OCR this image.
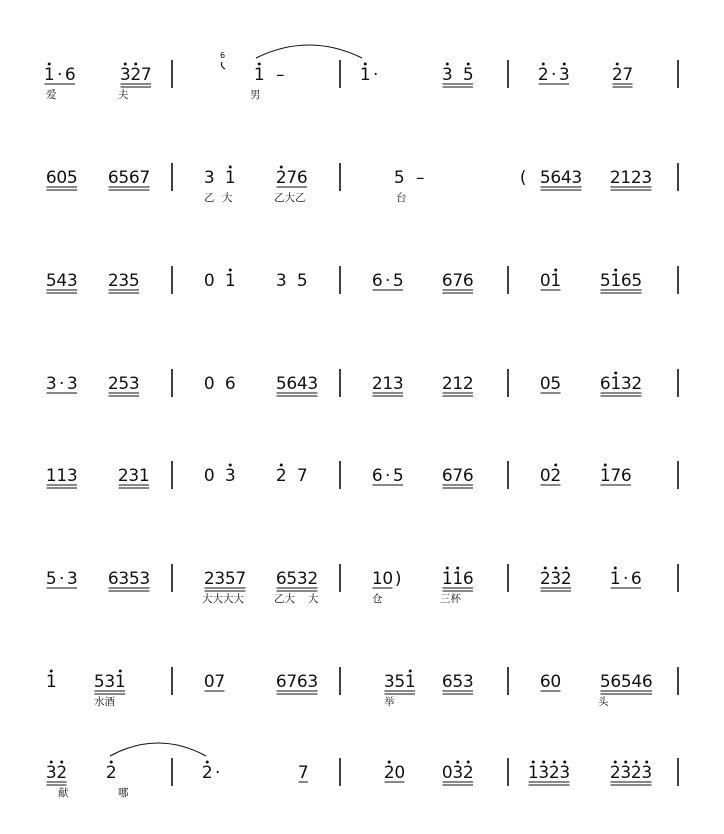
1 · 6	3 2 7	1 –	1 ·	3 5	2 · 3 2 7
爱	夫	男
6
6 0 5 6 5 6 7	3 1 2 7 6	5 –	( 5 6 4 3 2 1 2 3
乙 大	乙大乙	台
5 4 3 2 3 5	0 1 3 5	6 · 5 6 7 6	0 1 5 1 6 5
3 · 3 2 5 3	0 6 5 6 4 3	2 1 3 2 1 2	0 5 6 1 3 2
1 1 3 2 3 1	0 3 2 7	6 · 5 6 7 6	0 2 1 7 6
5 · 3 6 3 5 3	2 3 5 7 6 5 3 2	1 0 ) 1 1 6	2 3 2 1 · 6
大大大大	乙大 大	仓	三杯
1 5 3 1	0 7	6 7 6 3	3 5 1 6 5 3	6 0 5 6 5 4 6
水酒	举	头
3 2 2	2 ·	7	2 0 0 3 2	1 3 2 3 2 3 2 3
献	哪
